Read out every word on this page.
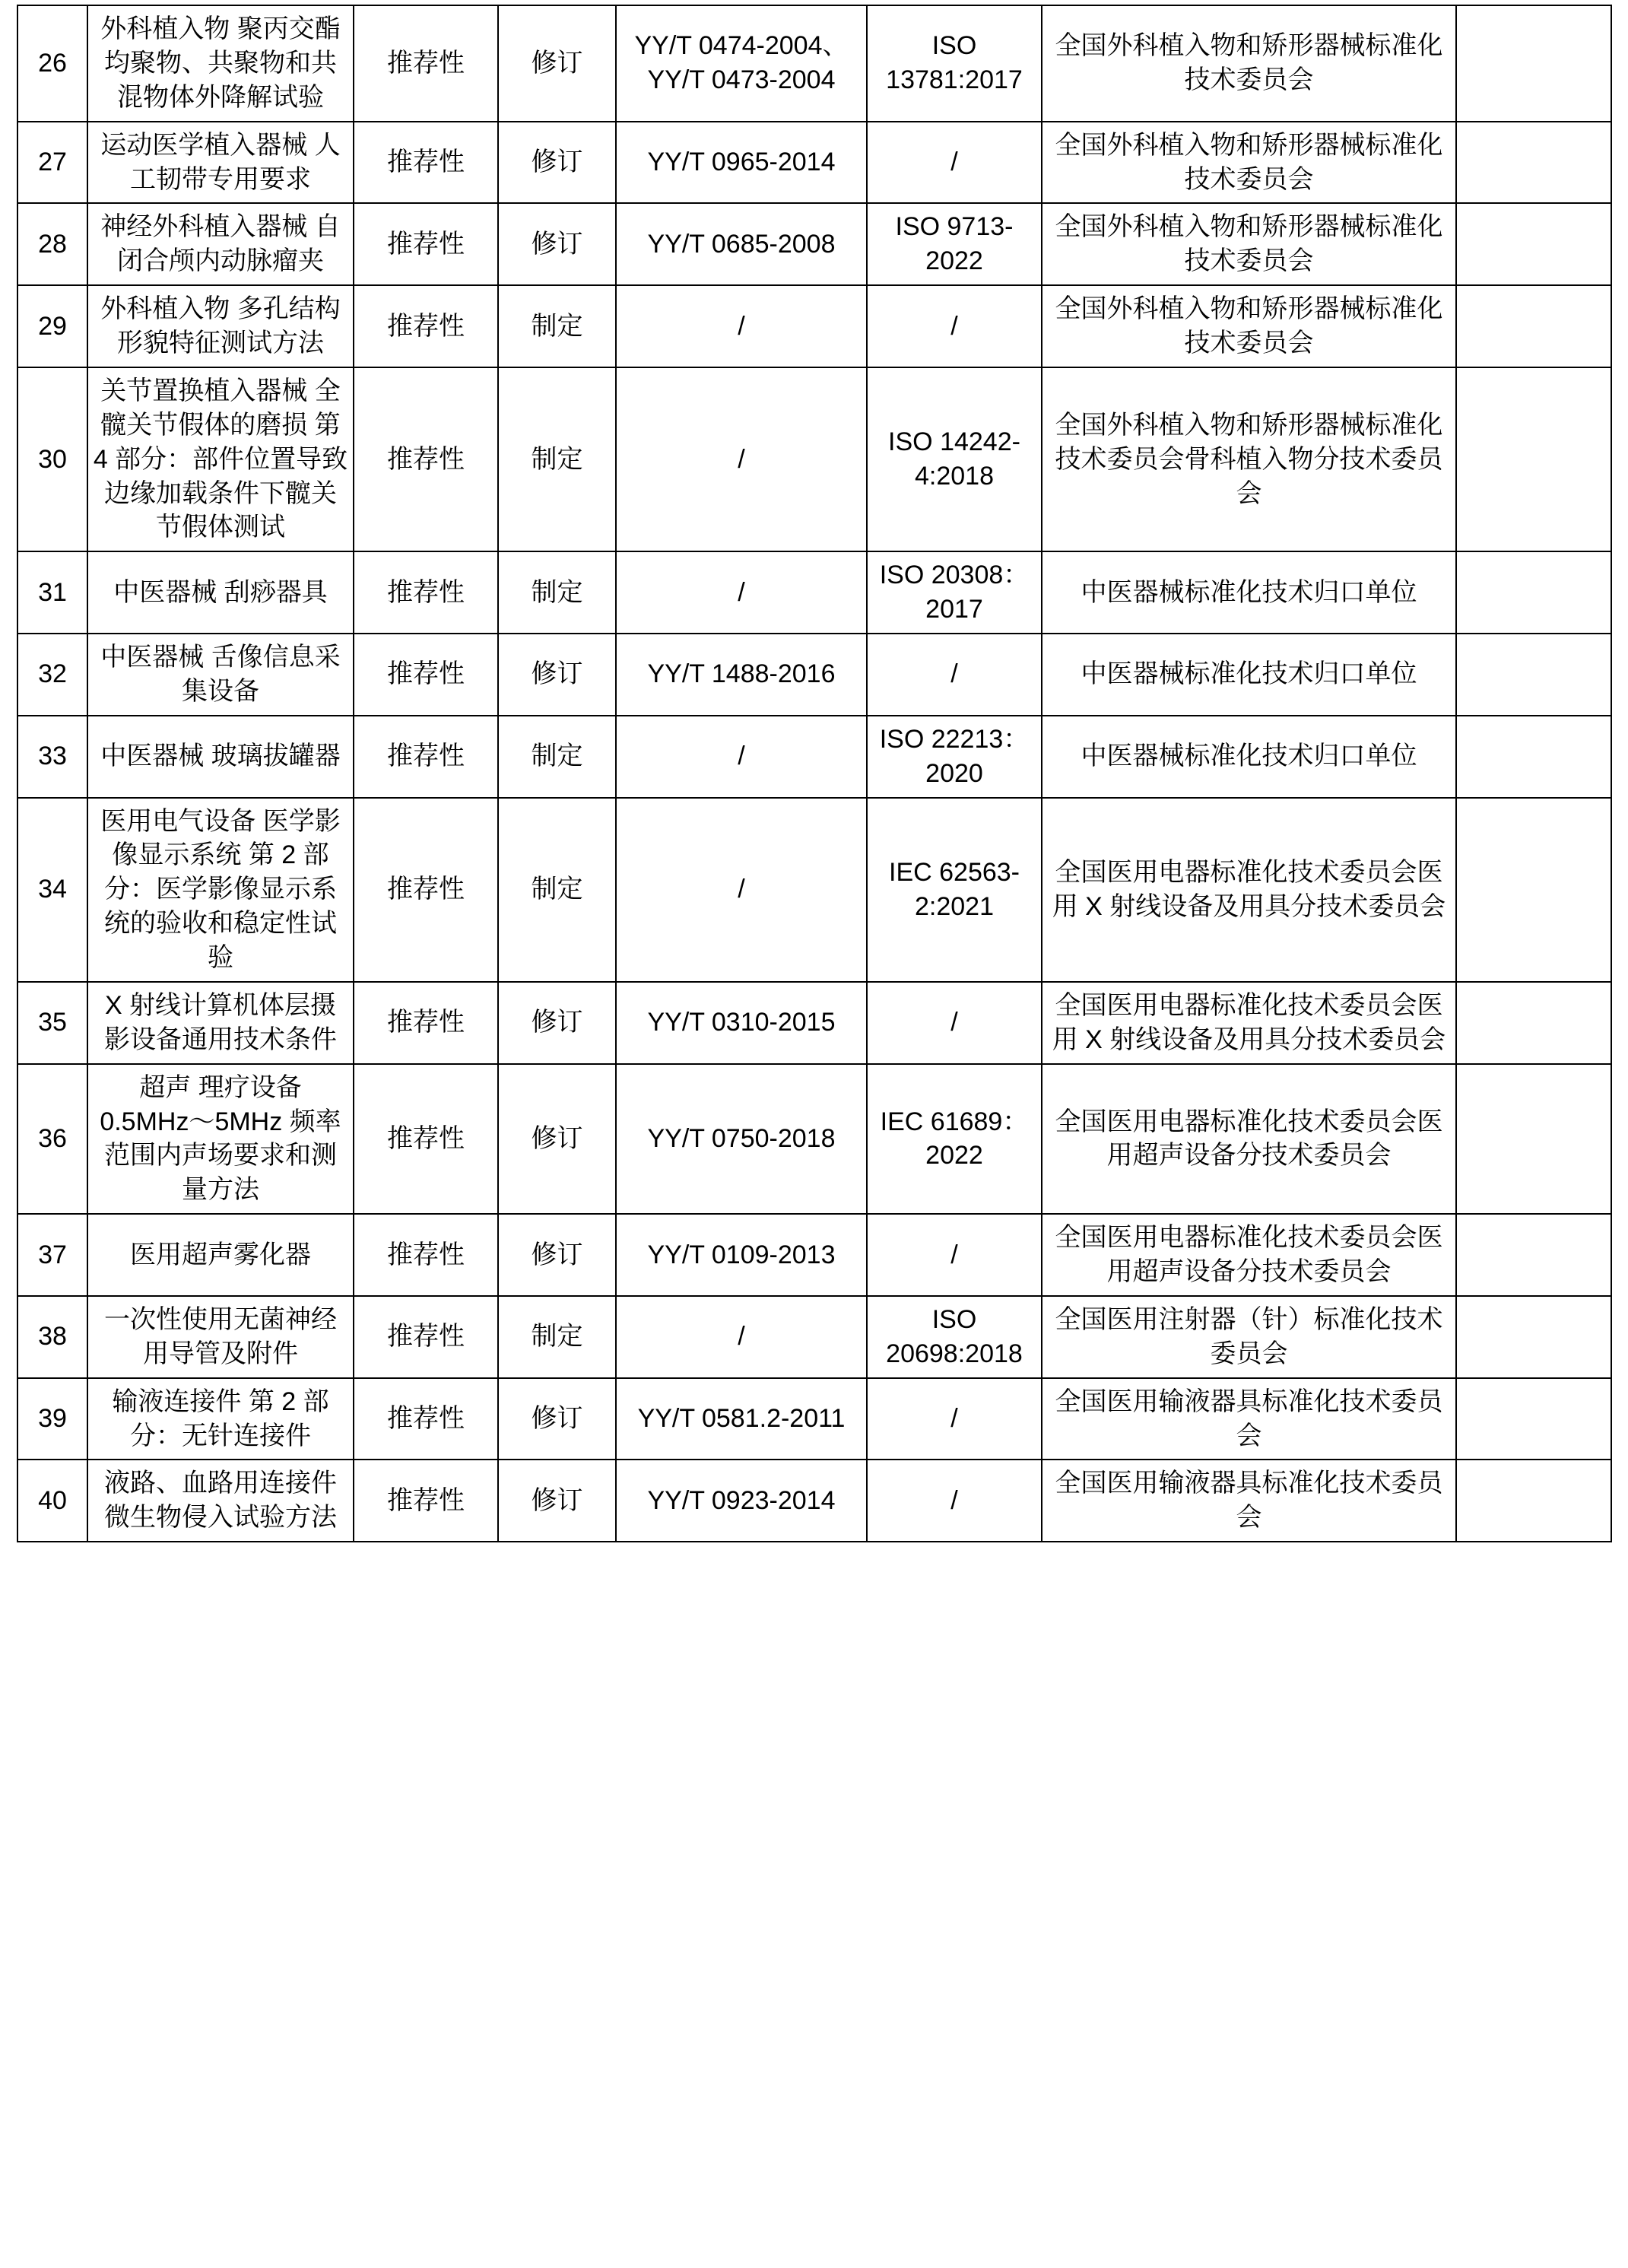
26	外科植入物 聚丙交酯均聚物、共聚物和共混物体外降解试验	推荐性	修订	YY/T 0474-2004、YY/T 0473-2004	ISO 13781:2017	全国外科植入物和矫形器械标准化技术委员会	
27	运动医学植入器械 人工韧带专用要求	推荐性	修订	YY/T 0965-2014	/	全国外科植入物和矫形器械标准化技术委员会	
28	神经外科植入器械 自闭合颅内动脉瘤夹	推荐性	修订	YY/T 0685-2008	ISO 9713-2022	全国外科植入物和矫形器械标准化技术委员会	
29	外科植入物 多孔结构形貌特征测试方法	推荐性	制定	/	/	全国外科植入物和矫形器械标准化技术委员会	
30	关节置换植入器械 全髋关节假体的磨损 第 4 部分：部件位置导致边缘加载条件下髋关节假体测试	推荐性	制定	/	ISO 14242-4:2018	全国外科植入物和矫形器械标准化技术委员会骨科植入物分技术委员会	
31	中医器械 刮痧器具	推荐性	制定	/	ISO 20308：2017	中医器械标准化技术归口单位	
32	中医器械 舌像信息采集设备	推荐性	修订	YY/T 1488-2016	/	中医器械标准化技术归口单位	
33	中医器械 玻璃拔罐器	推荐性	制定	/	ISO 22213：2020	中医器械标准化技术归口单位	
34	医用电气设备 医学影像显示系统 第 2 部分：医学影像显示系统的验收和稳定性试验	推荐性	制定	/	IEC 62563-2:2021	全国医用电器标准化技术委员会医用 X 射线设备及用具分技术委员会	
35	X 射线计算机体层摄影设备通用技术条件	推荐性	修订	YY/T 0310-2015	/	全国医用电器标准化技术委员会医用 X 射线设备及用具分技术委员会	
36	超声 理疗设备 0.5MHz～5MHz 频率范围内声场要求和测量方法	推荐性	修订	YY/T 0750-2018	IEC 61689：2022	全国医用电器标准化技术委员会医用超声设备分技术委员会	
37	医用超声雾化器	推荐性	修订	YY/T 0109-2013	/	全国医用电器标准化技术委员会医用超声设备分技术委员会	
38	一次性使用无菌神经用导管及附件	推荐性	制定	/	ISO 20698:2018	全国医用注射器（针）标准化技术委员会	
39	输液连接件 第 2 部分：无针连接件	推荐性	修订	YY/T 0581.2-2011	/	全国医用输液器具标准化技术委员会	
40	液路、血路用连接件微生物侵入试验方法	推荐性	修订	YY/T 0923-2014	/	全国医用输液器具标准化技术委员会	
